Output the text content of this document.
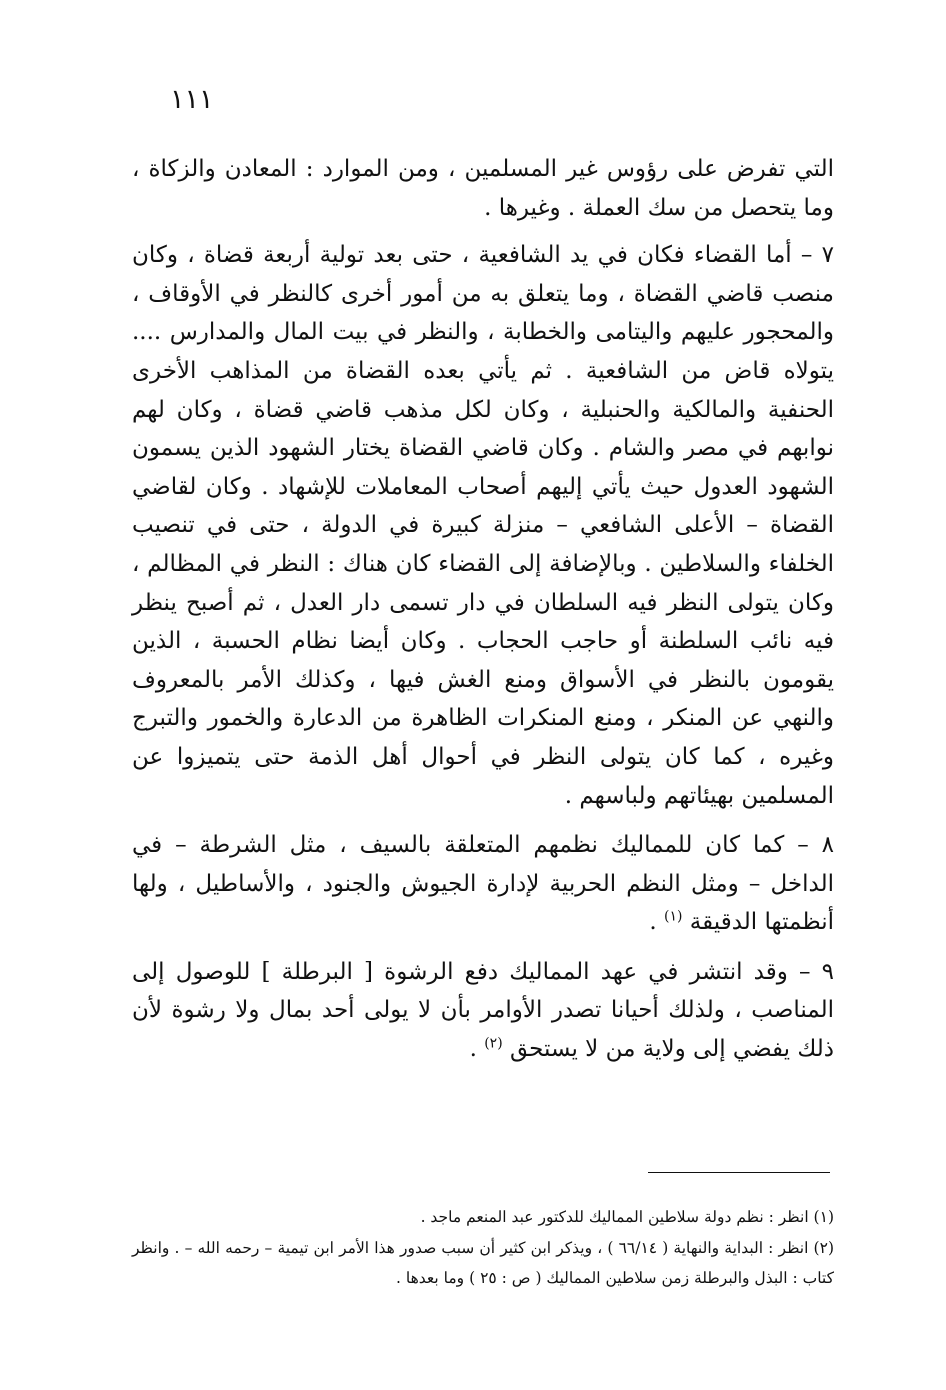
١١١

التي تفرض على رؤوس غير المسلمين ، ومن الموارد : المعادن والزكاة ، وما يتحصل من سك العملة . وغيرها .

٧ – أما القضاء فكان في يد الشافعية ، حتى بعد تولية أربعة قضاة ، وكان منصب قاضي القضاة ، وما يتعلق به من أمور أخرى كالنظر في الأوقاف ، والمحجور عليهم واليتامى والخطابة ، والنظر في بيت المال والمدارس .... يتولاه قاض من الشافعية . ثم يأتي بعده القضاة من المذاهب الأخرى الحنفية والمالكية والحنبلية ، وكان لكل مذهب قاضي قضاة ، وكان لهم نوابهم في مصر والشام . وكان قاضي القضاة يختار الشهود الذين يسمون الشهود العدول حيث يأتي إليهم أصحاب المعاملات للإشهاد . وكان لقاضي القضاة – الأعلى الشافعي – منزلة كبيرة في الدولة ، حتى في تنصيب الخلفاء والسلاطين . وبالإضافة إلى القضاء كان هناك : النظر في المظالم ، وكان يتولى النظر فيه السلطان في دار تسمى دار العدل ، ثم أصبح ينظر فيه نائب السلطنة أو حاجب الحجاب . وكان أيضا نظام الحسبة ، الذين يقومون بالنظر في الأسواق ومنع الغش فيها ، وكذلك الأمر بالمعروف والنهي عن المنكر ، ومنع المنكرات الظاهرة من الدعارة والخمور والتبرج وغيره ، كما كان يتولى النظر في أحوال أهل الذمة حتى يتميزوا عن المسلمين بهيئاتهم ولباسهم .

٨ – كما كان للمماليك نظمهم المتعلقة بالسيف ، مثل الشرطة – في الداخل – ومثل النظم الحربية لإدارة الجيوش والجنود ، والأساطيل ، ولها أنظمتها الدقيقة $^{(١)}$ .

٩ – وقد انتشر في عهد المماليك دفع الرشوة [ البرطلة ] للوصول إلى المناصب ، ولذلك أحيانا تصدر الأوامر بأن لا يولى أحد بمال ولا رشوة لأن ذلك يفضي إلى ولاية من لا يستحق $^{(٢)}$ .

(١) انظر : نظم دولة سلاطين المماليك للدكتور عبد المنعم ماجد .

(٢) انظر : البداية والنهاية ( ٦٦/١٤ ) ، ويذكر ابن كثير أن سبب صدور هذا الأمر ابن تيمية – رحمه الله – . وانظر كتاب : البذل والبرطلة زمن سلاطين المماليك ( ص : ٢٥ ) وما بعدها .
